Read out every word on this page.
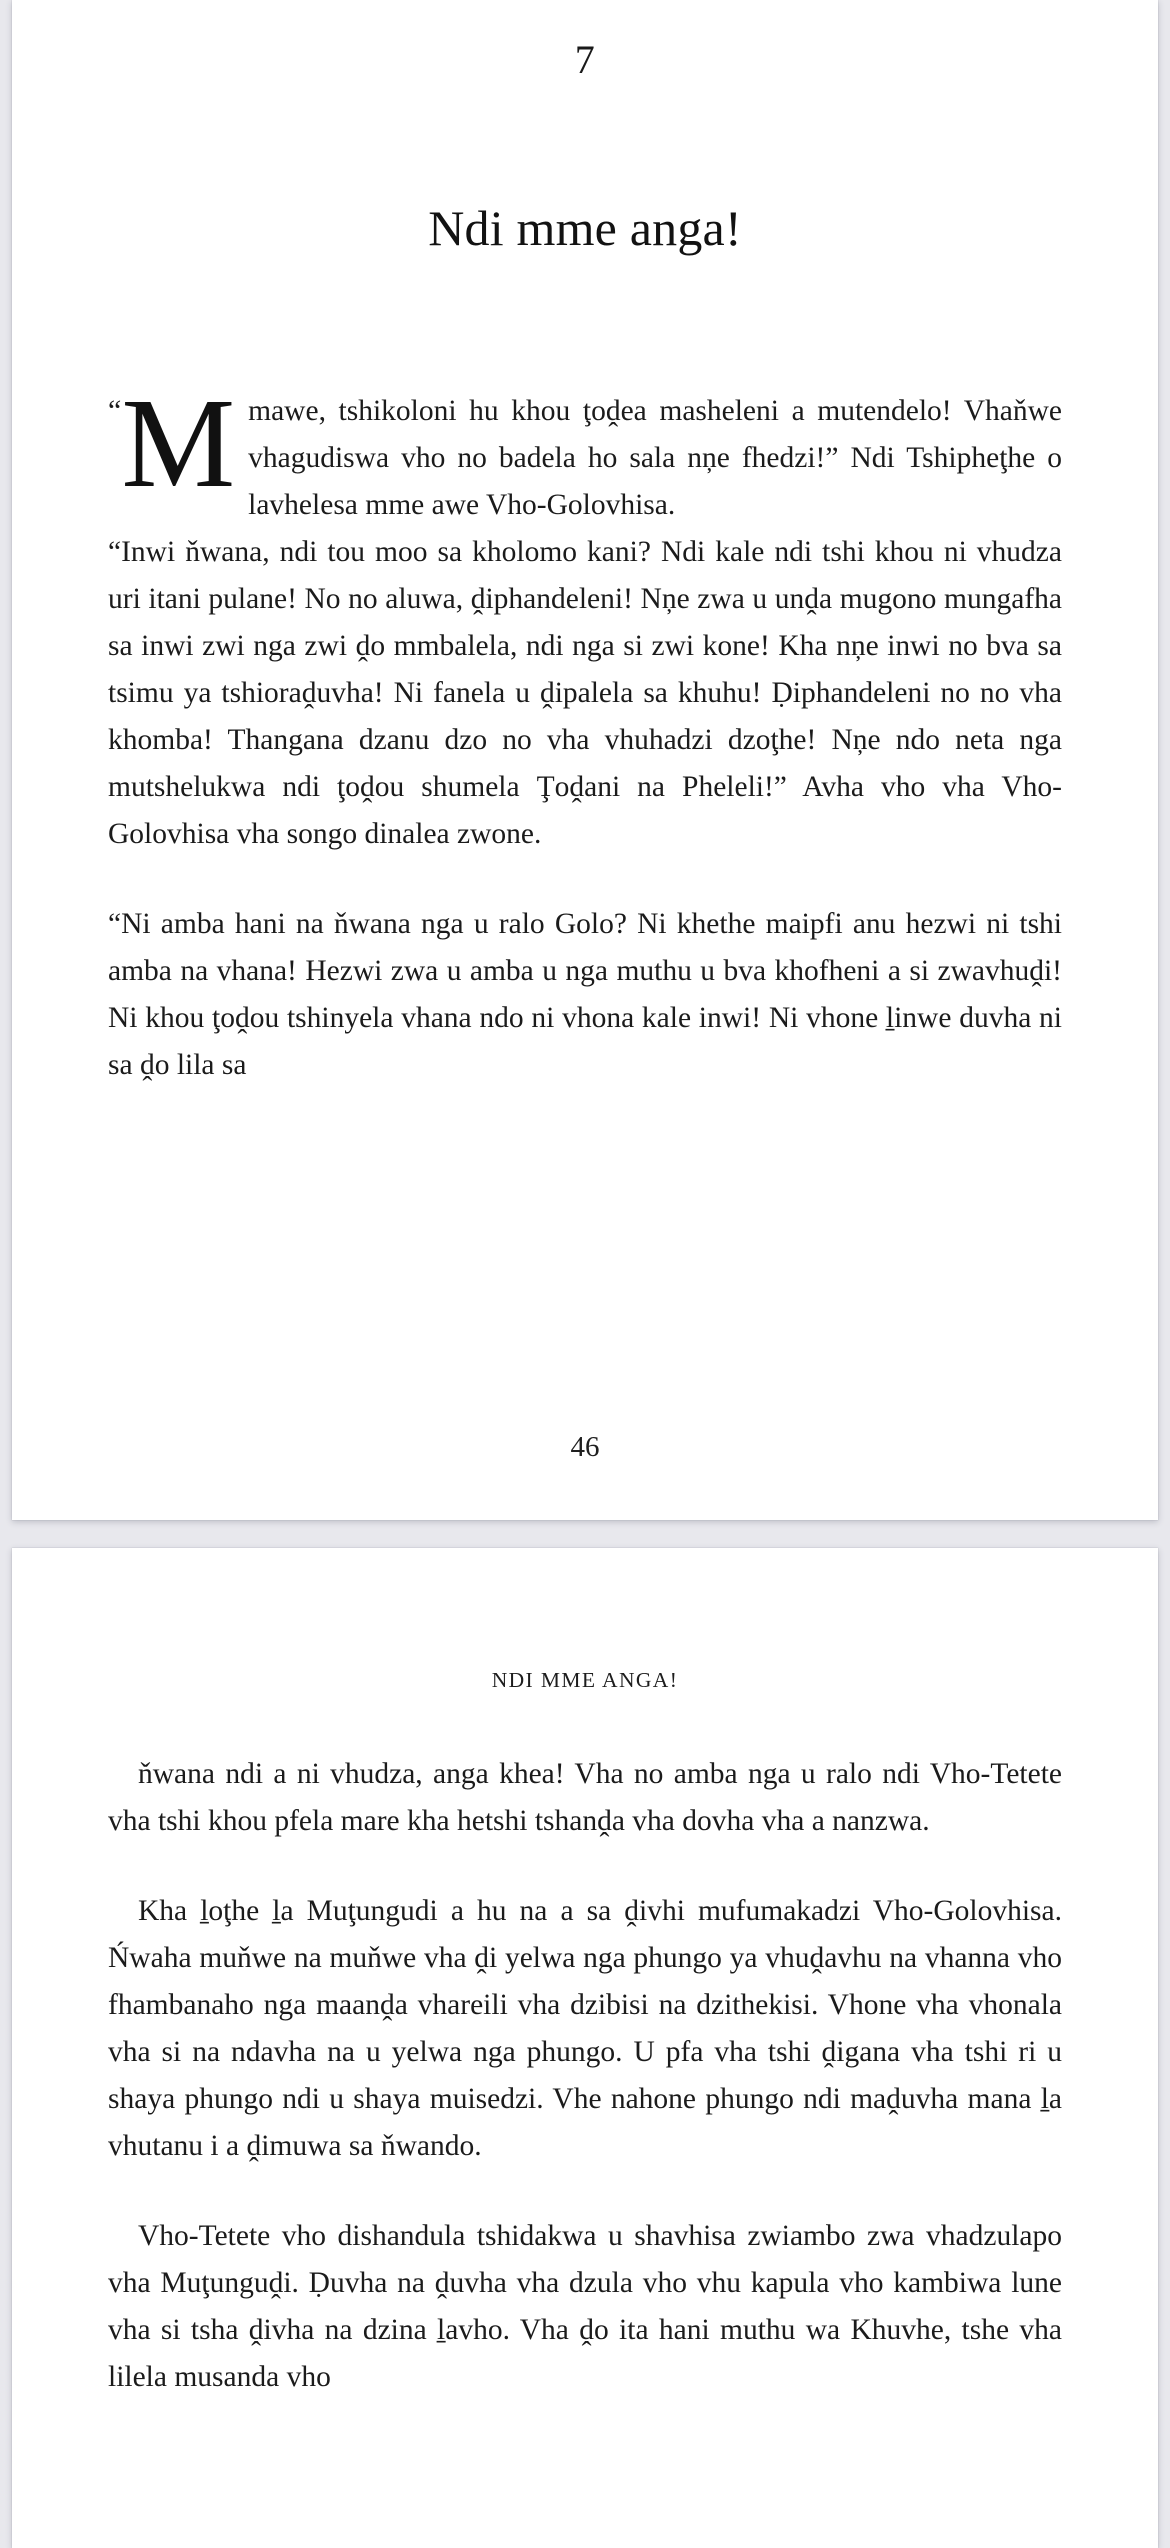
7
Ndi mme anga!

“M mawe, tshikoloni hu khou ţoḓea masheleni a mutendelo! Vhaňwe vhagudiswa vho no badela ho sala nņe fhedzi!” Ndi Tshipheţhe o lavhelesa mme awe Vho-Golovhisa.

“Inwi ňwana, ndi tou moo sa kholomo kani? Ndi kale ndi tshi khou ni vhudza uri itani pulane! No no aluwa, ḓiphandeleni! Nņe zwa u unḓa mugono mungafha sa inwi zwi nga zwi ḓo mmbalela, ndi nga si zwi kone! Kha nņe inwi no bva sa tsimu ya tshioraḓuvha! Ni fanela u ḓipalela sa khuhu! Ḍiphandeleni no no vha khomba! Thangana dzanu dzo no vha vhuhadzi dzoţhe! Nņe ndo neta nga mutshelukwa ndi ţoḓou shumela Ţoḓani na Pheleli!” Avha vho vha Vho-Golovhisa vha songo dinalea zwone.

“Ni amba hani na ňwana nga u ralo Golo? Ni khethe maipfi anu hezwi ni tshi amba na vhana! Hezwi zwa u amba u nga muthu u bva khofheni a si zwavhuḓi! Ni khou ţoḓou tshinyela vhana ndo ni vhona kale inwi! Ni vhone ḻinwe duvha ni sa ḓo lila sa

46
NDI MME ANGA!

ňwana ndi a ni vhudza, anga khea! Vha no amba nga u ralo ndi Vho-Tetete vha tshi khou pfela mare kha hetshi tshanḓa vha dovha vha a nanzwa.

Kha ḻoţhe ḻa Muţungudi a hu na a sa ḓivhi mufumakadzi Vho-Golovhisa. Ńwaha muňwe na muňwe vha ḓi yelwa nga phungo ya vhuḓavhu na vhanna vho fhambanaho nga maanḓa vhareili vha dzibisi na dzithekisi. Vhone vha vhonala vha si na ndavha na u yelwa nga phungo. U pfa vha tshi ḓigana vha tshi ri u shaya phungo ndi u shaya muisedzi. Vhe nahone phungo ndi maḓuvha mana ḻa vhutanu i a ḓimuwa sa ňwando.

Vho-Tetete vho dishandula tshidakwa u shavhisa zwiambo zwa vhadzulapo vha Muţunguḓi. Ḍuvha na ḓuvha vha dzula vho vhu kapula vho kambiwa lune vha si tsha ḓivha na dzina ḻavho. Vha ḓo ita hani muthu wa Khuvhe, tshe vha lilela musanda vho
